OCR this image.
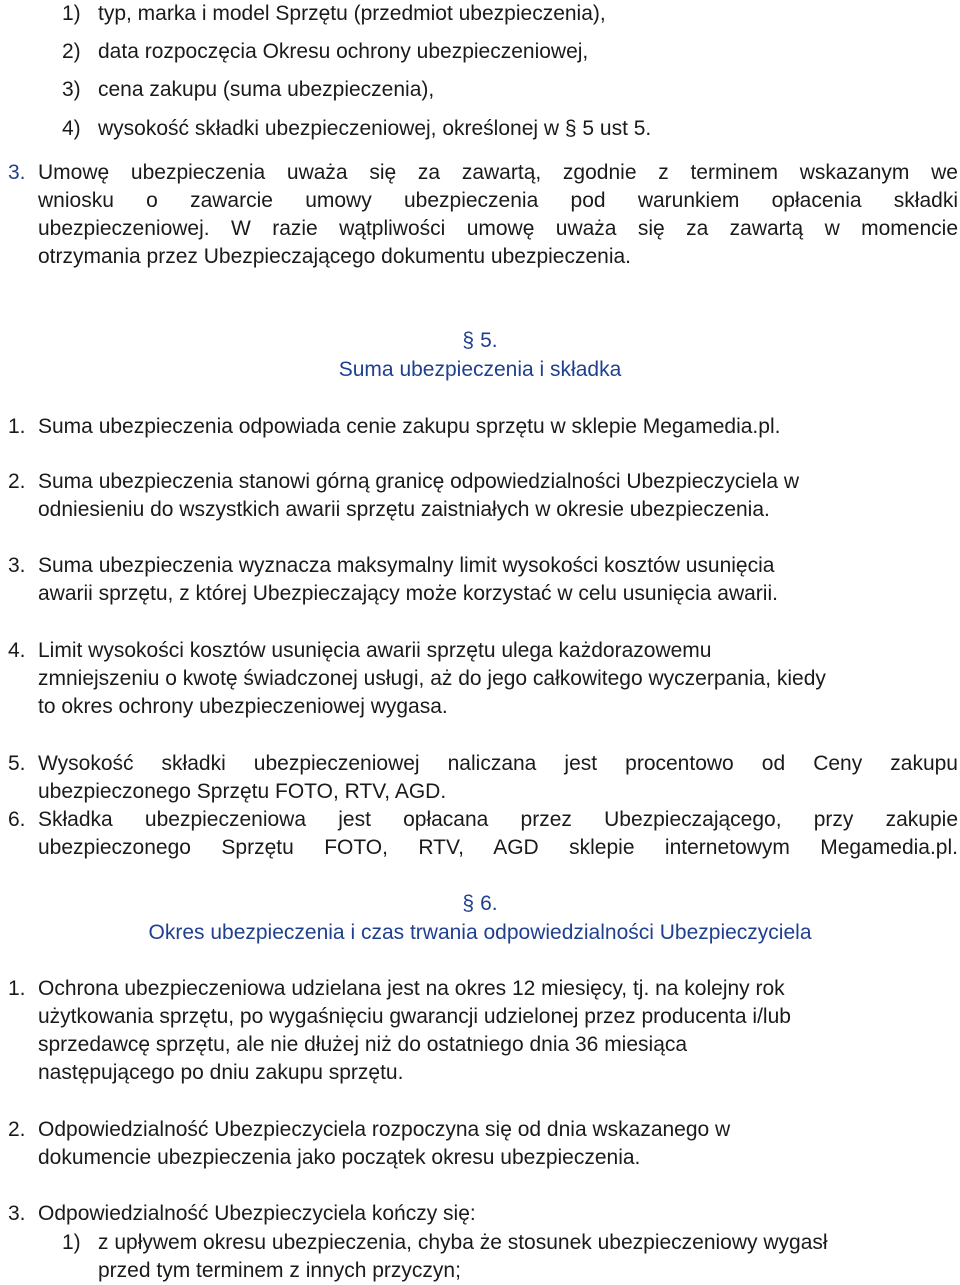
1) typ, marka i model Sprzętu (przedmiot ubezpieczenia),
2) data rozpoczęcia Okresu ochrony ubezpieczeniowej,
3) cena zakupu (suma ubezpieczenia),
4) wysokość składki ubezpieczeniowej, określonej w § 5 ust 5.
3. Umowę ubezpieczenia uważa się za zawartą, zgodnie z terminem wskazanym we
wniosku o zawarcie umowy ubezpieczenia pod warunkiem opłacenia składki
ubezpieczeniowej. W razie wątpliwości umowę uważa się za zawartą w momencie
otrzymania przez Ubezpieczającego dokumentu ubezpieczenia.
§ 5.
Suma ubezpieczenia i składka
1. Suma ubezpieczenia odpowiada cenie zakupu sprzętu w sklepie Megamedia.pl.
2. Suma ubezpieczenia stanowi górną granicę odpowiedzialności Ubezpieczyciela w
odniesieniu do wszystkich awarii sprzętu zaistniałych w okresie ubezpieczenia.
3. Suma ubezpieczenia wyznacza maksymalny limit wysokości kosztów usunięcia
awarii sprzętu, z której Ubezpieczający może korzystać w celu usunięcia awarii.
4. Limit wysokości kosztów usunięcia awarii sprzętu ulega każdorazowemu
zmniejszeniu o kwotę świadczonej usługi, aż do jego całkowitego wyczerpania, kiedy
to okres ochrony ubezpieczeniowej wygasa.
5. Wysokość składki ubezpieczeniowej naliczana jest procentowo od Ceny zakupu
ubezpieczonego Sprzętu FOTO, RTV, AGD.
6. Składka ubezpieczeniowa jest opłacana przez Ubezpieczającego, przy zakupie
ubezpieczonego Sprzętu FOTO, RTV, AGD sklepie internetowym Megamedia.pl.
§ 6.
Okres ubezpieczenia i czas trwania odpowiedzialności Ubezpieczyciela
1. Ochrona ubezpieczeniowa udzielana jest na okres 12 miesięcy, tj. na kolejny rok
użytkowania sprzętu, po wygaśnięciu gwarancji udzielonej przez producenta i/lub
sprzedawcę sprzętu, ale nie dłużej niż do ostatniego dnia 36 miesiąca
następującego po dniu zakupu sprzętu.
2. Odpowiedzialność Ubezpieczyciela rozpoczyna się od dnia wskazanego w
dokumencie ubezpieczenia jako początek okresu ubezpieczenia.
3. Odpowiedzialność Ubezpieczyciela kończy się:
1) z upływem okresu ubezpieczenia, chyba że stosunek ubezpieczeniowy wygasł
przed tym terminem z innych przyczyn;
